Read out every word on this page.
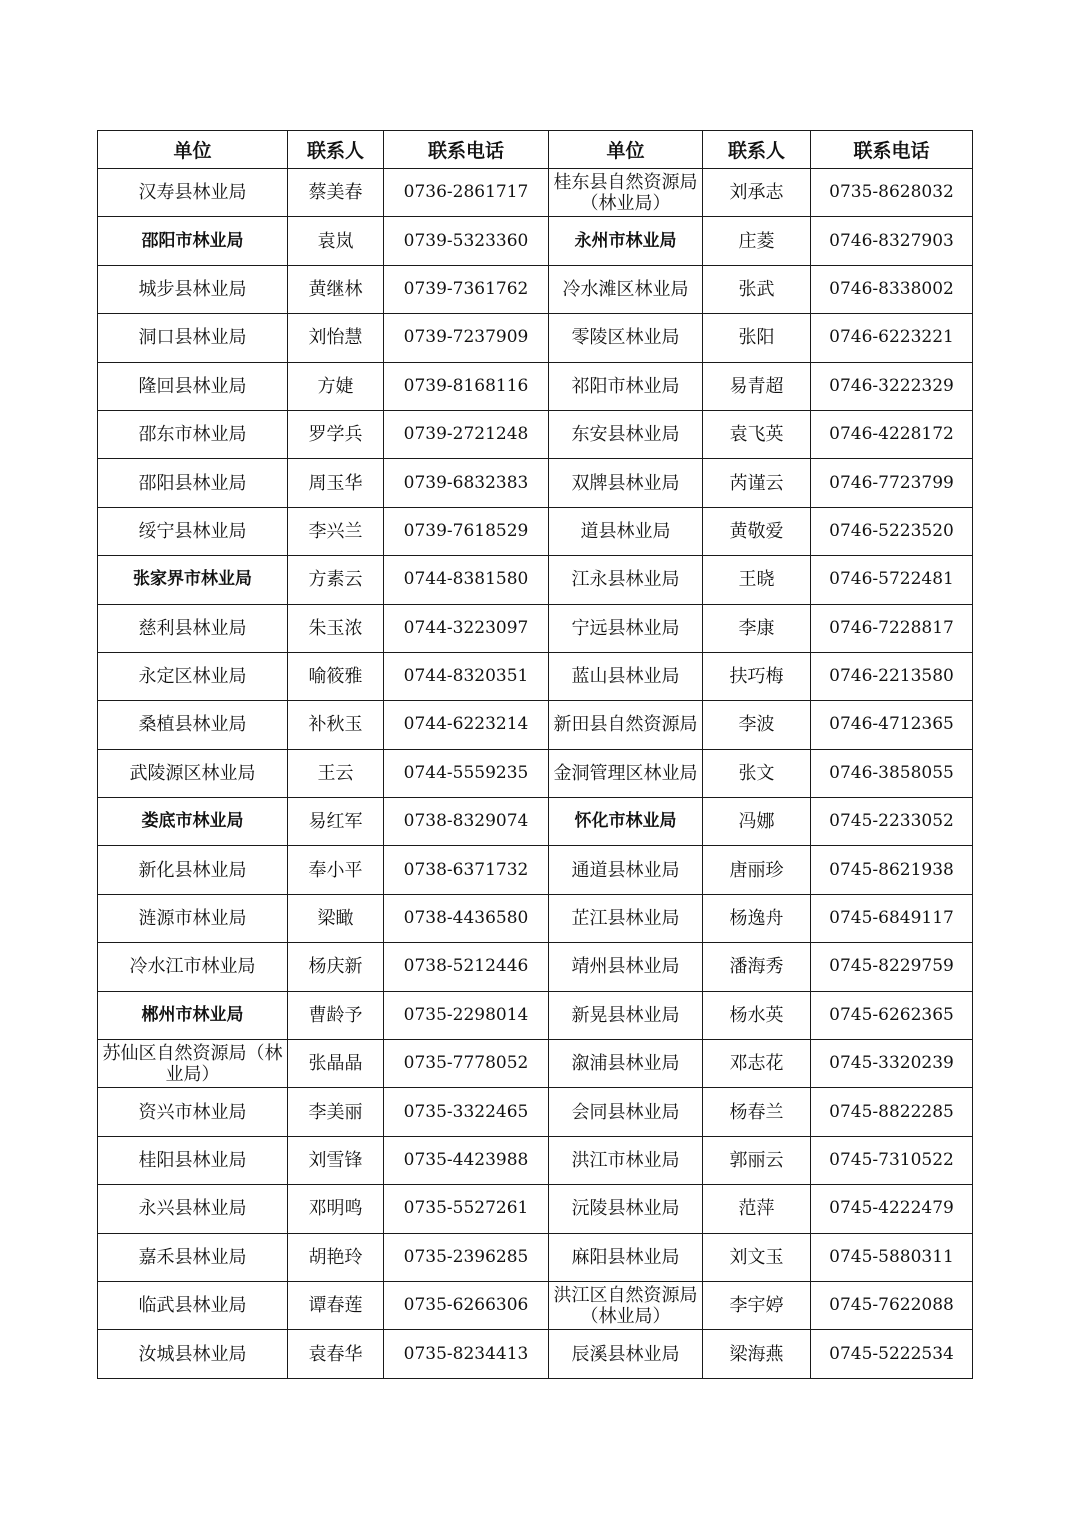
单位	联系人	联系电话	单位	联系人	联系电话
汉寿县林业局	蔡美春	0736-2861717	桂东县自然资源局（林业局）	刘承志	0735-8628032
邵阳市林业局	袁岚	0739-5323360	永州市林业局	庄菱	0746-8327903
城步县林业局	黄继林	0739-7361762	冷水滩区林业局	张武	0746-8338002
洞口县林业局	刘怡慧	0739-7237909	零陵区林业局	张阳	0746-6223221
隆回县林业局	方婕	0739-8168116	祁阳市林业局	易青超	0746-3222329
邵东市林业局	罗学兵	0739-2721248	东安县林业局	袁飞英	0746-4228172
邵阳县林业局	周玉华	0739-6832383	双牌县林业局	芮谨云	0746-7723799
绥宁县林业局	李兴兰	0739-7618529	道县林业局	黄敬爱	0746-5223520
张家界市林业局	方素云	0744-8381580	江永县林业局	王晓	0746-5722481
慈利县林业局	朱玉浓	0744-3223097	宁远县林业局	李康	0746-7228817
永定区林业局	喻筱雅	0744-8320351	蓝山县林业局	扶巧梅	0746-2213580
桑植县林业局	补秋玉	0744-6223214	新田县自然资源局	李波	0746-4712365
武陵源区林业局	王云	0744-5559235	金洞管理区林业局	张文	0746-3858055
娄底市林业局	易红军	0738-8329074	怀化市林业局	冯娜	0745-2233052
新化县林业局	奉小平	0738-6371732	通道县林业局	唐丽珍	0745-8621938
涟源市林业局	梁瞰	0738-4436580	芷江县林业局	杨逸舟	0745-6849117
冷水江市林业局	杨庆新	0738-5212446	靖州县林业局	潘海秀	0745-8229759
郴州市林业局	曹龄予	0735-2298014	新晃县林业局	杨水英	0745-6262365
苏仙区自然资源局（林业局）	张晶晶	0735-7778052	溆浦县林业局	邓志花	0745-3320239
资兴市林业局	李美丽	0735-3322465	会同县林业局	杨春兰	0745-8822285
桂阳县林业局	刘雪锋	0735-4423988	洪江市林业局	郭丽云	0745-7310522
永兴县林业局	邓明鸣	0735-5527261	沅陵县林业局	范萍	0745-4222479
嘉禾县林业局	胡艳玲	0735-2396285	麻阳县林业局	刘文玉	0745-5880311
临武县林业局	谭春莲	0735-6266306	洪江区自然资源局（林业局）	李宇婷	0745-7622088
汝城县林业局	袁春华	0735-8234413	辰溪县林业局	梁海燕	0745-5222534
